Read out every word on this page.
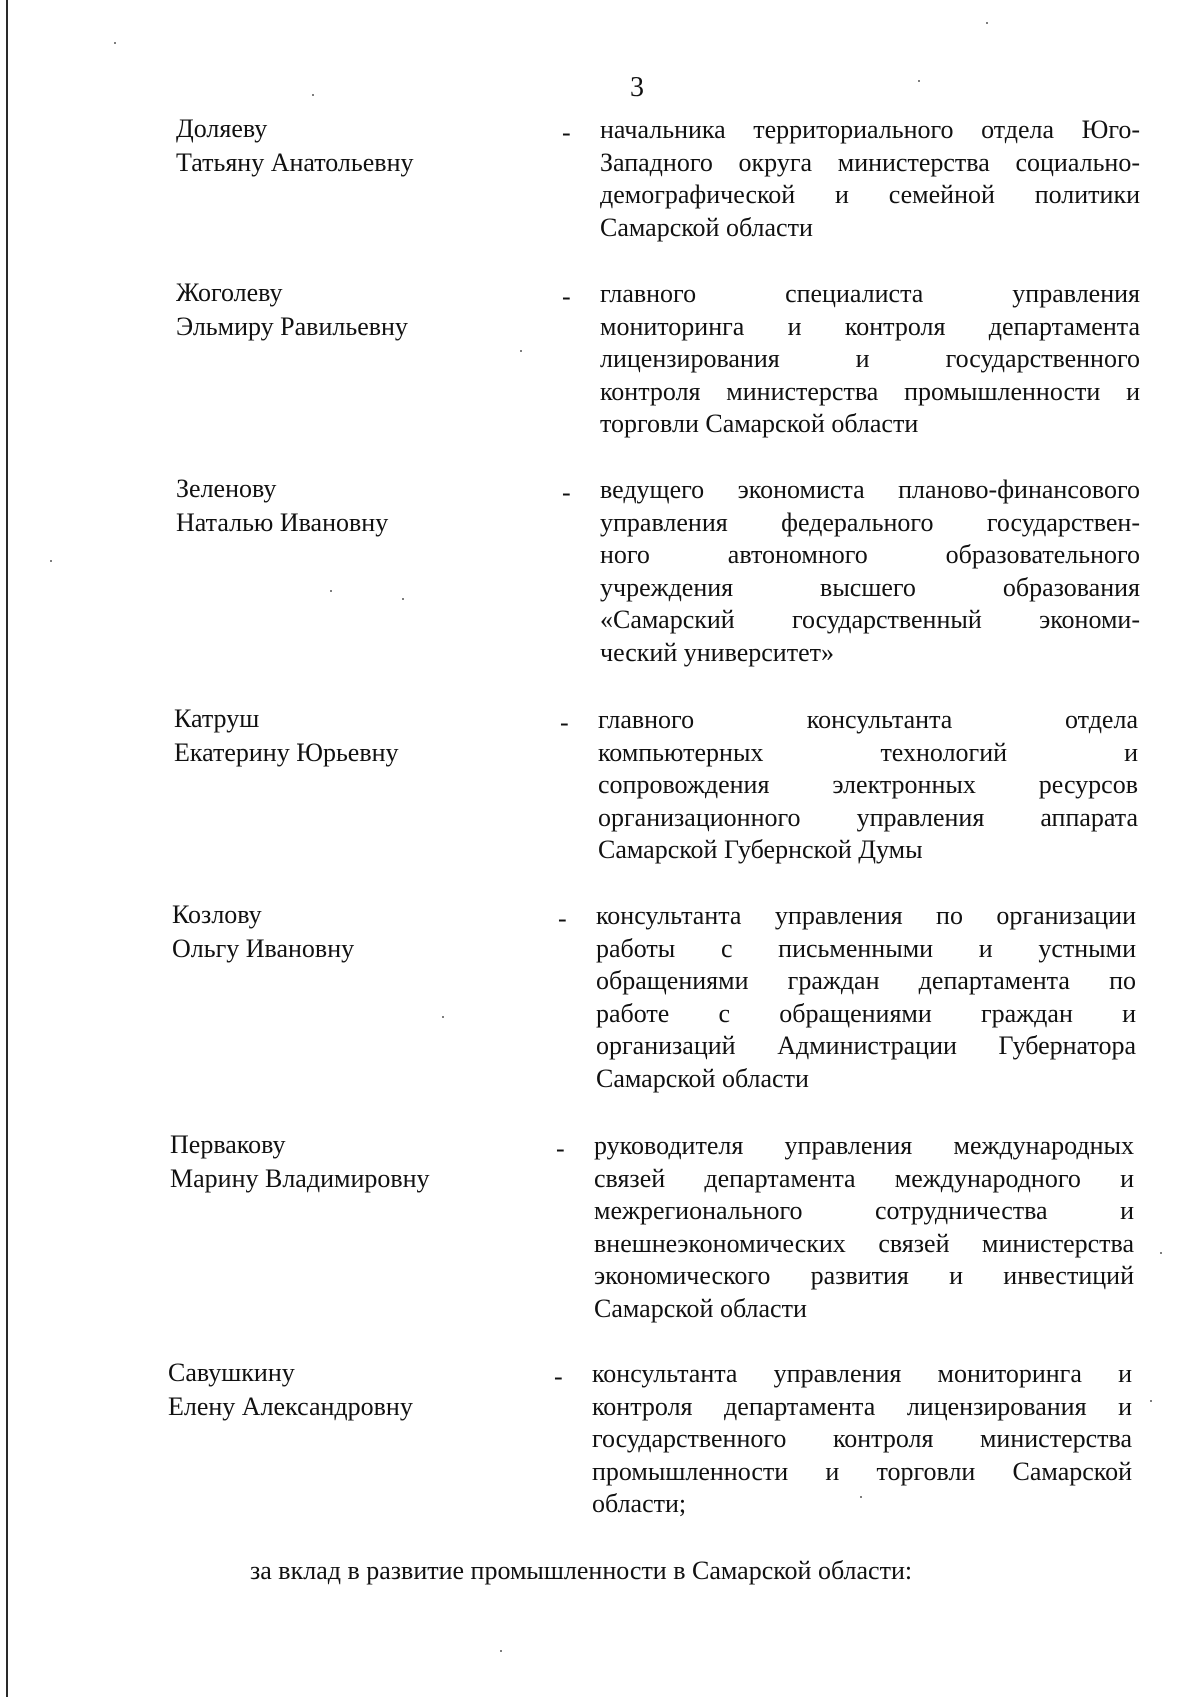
3
Доляеву
Татьяну Анатольевну
- начальника территориального отдела Юго-
Западного округа министерства социально-
демографической и семейной политики
Самарской области
Жоголеву
Эльмиру Равильевну
- главного специалиста управления
мониторинга и контроля департамента
лицензирования и государственного
контроля министерства промышленности и
торговли Самарской области
Зеленову
Наталью Ивановну
- ведущего экономиста планово-финансового
управления федерального государствен-
ного автономного образовательного
учреждения высшего образования
«Самарский государственный экономи-
ческий университет»
Катруш
Екатерину Юрьевну
- главного консультанта отдела
компьютерных технологий и
сопровождения электронных ресурсов
организационного управления аппарата
Самарской Губернской Думы
Козлову
Ольгу Ивановну
- консультанта управления по организации
работы с письменными и устными
обращениями граждан департамента по
работе с обращениями граждан и
организаций Администрации Губернатора
Самарской области
Первакову
Марину Владимировну
- руководителя управления международных
связей департамента международного и
межрегионального сотрудничества и
внешнеэкономических связей министерства
экономического развития и инвестиций
Самарской области
Савушкину
Елену Александровну
- консультанта управления мониторинга и
контроля департамента лицензирования и
государственного контроля министерства
промышленности и торговли Самарской
области;
за вклад в развитие промышленности в Самарской области:
